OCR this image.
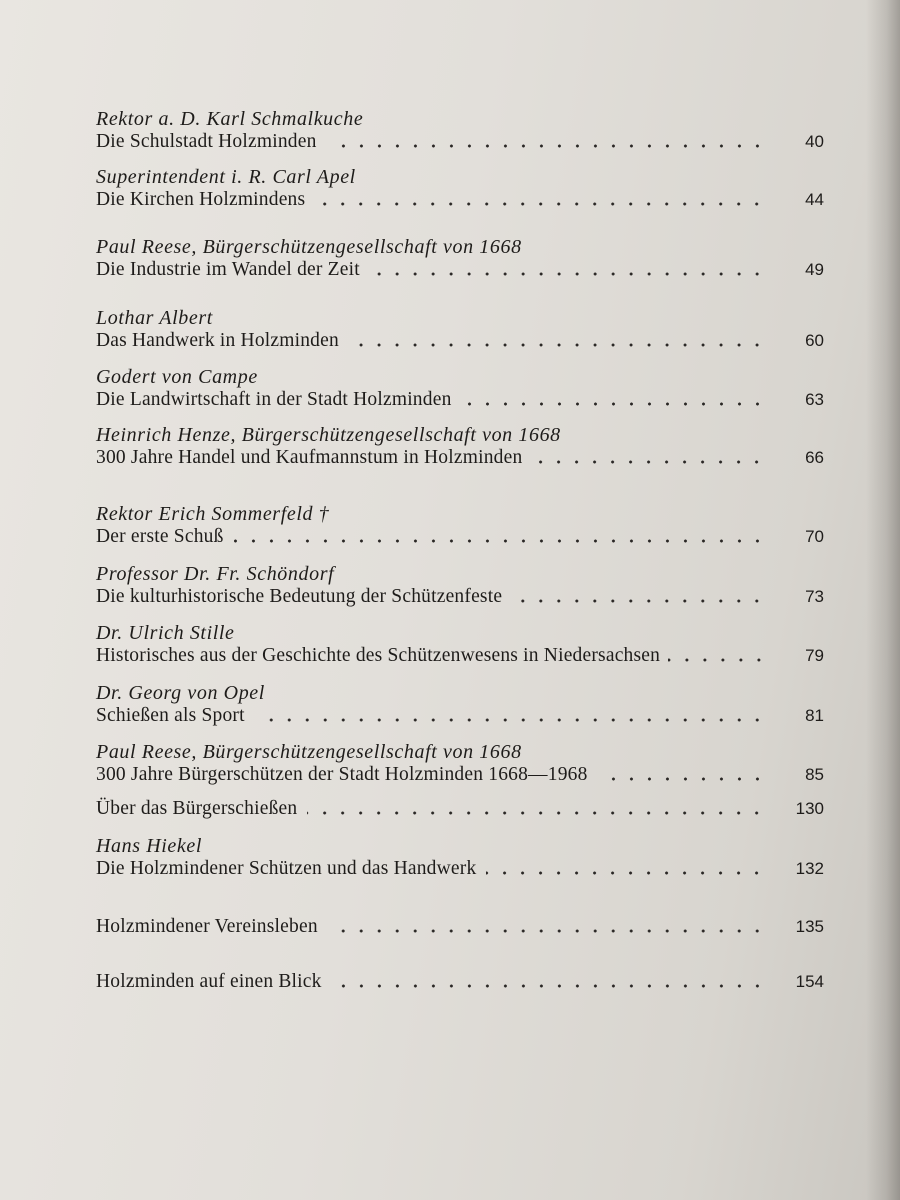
Rektor a. D. Karl Schmalkuche
Die Schulstadt Holzminden	40
Superintendent i. R. Carl Apel
Die Kirchen Holzmindens	44
Paul Reese, Bürgerschützengesellschaft von 1668
Die Industrie im Wandel der Zeit	49
Lothar Albert
Das Handwerk in Holzminden	60
Godert von Campe
Die Landwirtschaft in der Stadt Holzminden	63
Heinrich Henze, Bürgerschützengesellschaft von 1668
300 Jahre Handel und Kaufmannstum in Holzminden	66
Rektor Erich Sommerfeld †
Der erste Schuß	70
Professor Dr. Fr. Schöndorf
Die kulturhistorische Bedeutung der Schützenfeste	73
Dr. Ulrich Stille
Historisches aus der Geschichte des Schützenwesens in Niedersachsen	79
Dr. Georg von Opel
Schießen als Sport	81
Paul Reese, Bürgerschützengesellschaft von 1668
300 Jahre Bürgerschützen der Stadt Holzminden 1668—1968	85
Über das Bürgerschießen	130
Hans Hiekel
Die Holzmindener Schützen und das Handwerk	132
Holzmindener Vereinsleben	135
Holzminden auf einen Blick	154
